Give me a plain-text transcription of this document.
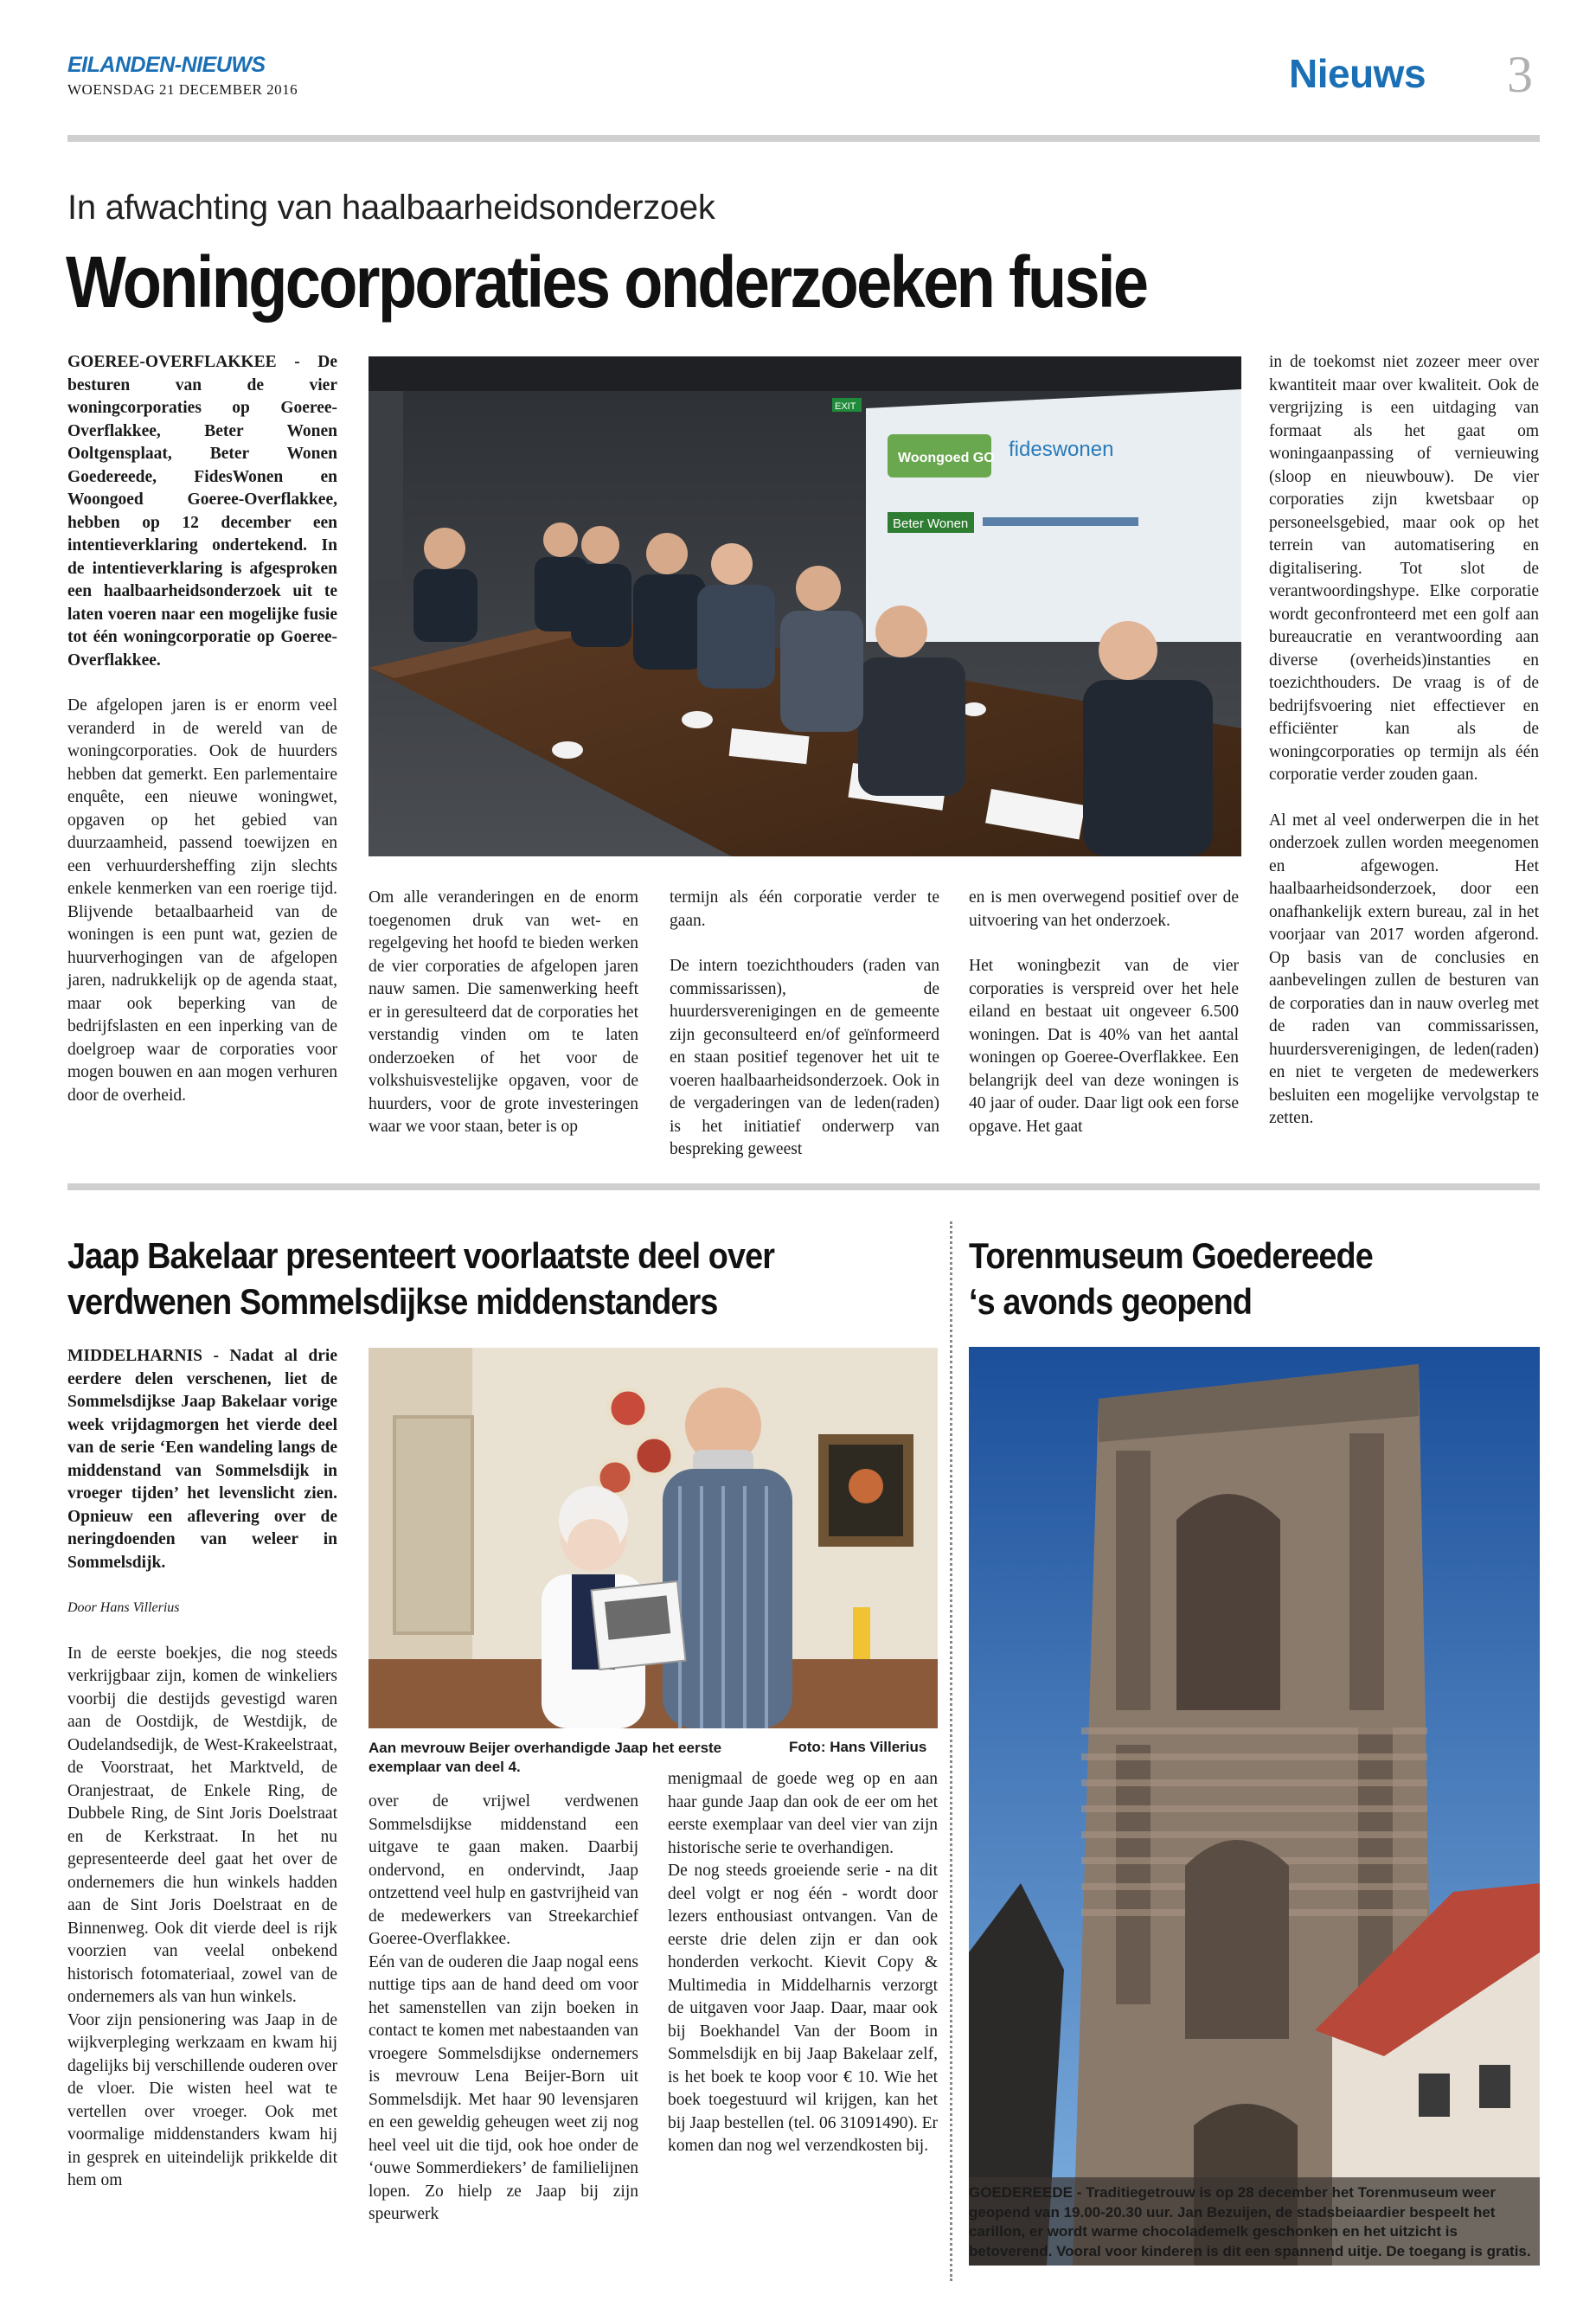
EILANDEN-NIEUWS
WOENSDAG 21 DECEMBER 2016	Nieuws 3
In afwachting van haalbaarheidsonderzoek
Woningcorporaties onderzoeken fusie

GOEREE-OVERFLAKKEE - De besturen van de vier woningcorporaties op Goeree-Overflakkee, Beter Wonen Ooltgensplaat, Beter Wonen Goedereede, FidesWonen en Woongoed Goeree-Overflakkee, hebben op 12 december een intentieverklaring ondertekend. In de intentieverklaring is afgesproken een haalbaarheidsonderzoek uit te laten voeren naar een mogelijke fusie tot één woningcorporatie op Goeree-Overflakkee.

De afgelopen jaren is er enorm veel veranderd in de wereld van de woningcorporaties. Ook de huurders hebben dat gemerkt. Een parlementaire enquête, een nieuwe woningwet, opgaven op het gebied van duurzaamheid, passend toewijzen en een verhuurdersheffing zijn slechts enkele kenmerken van een roerige tijd. Blijvende betaalbaarheid van de woningen is een punt wat, gezien de huurverhogingen van de afgelopen jaren, nadrukkelijk op de agenda staat, maar ook beperking van de bedrijfslasten en een inperking van de doelgroep waar de corporaties voor mogen bouwen en aan mogen verhuren door de overheid.

Woongoed GO fideswonen
Beter Wonen
EXIT

Om alle veranderingen en de enorm toegenomen druk van wet- en regelgeving het hoofd te bieden werken de vier corporaties de afgelopen jaren nauw samen. Die samenwerking heeft er in geresulteerd dat de corporaties het verstandig vinden om te laten onderzoeken of het voor de volkshuisvestelijke opgaven, voor de huurders, voor de grote investeringen waar we voor staan, beter is op

termijn als één corporatie verder te gaan.

De intern toezichthouders (raden van commissarissen), de huurdersverenigingen en de gemeente zijn geconsulteerd en/of geïnformeerd en staan positief tegenover het uit te voeren haalbaarheidsonderzoek. Ook in de vergaderingen van de leden(raden) is het initiatief onderwerp van bespreking geweest

en is men overwegend positief over de uitvoering van het onderzoek.

Het woningbezit van de vier corporaties is verspreid over het hele eiland en bestaat uit ongeveer 6.500 woningen. Dat is 40% van het aantal woningen op Goeree-Overflakkee. Een belangrijk deel van deze woningen is 40 jaar of ouder. Daar ligt ook een forse opgave. Het gaat

in de toekomst niet zozeer meer over kwantiteit maar over kwaliteit. Ook de vergrijzing is een uitdaging van formaat als het gaat om woningaanpassing of vernieuwing (sloop en nieuwbouw). De vier corporaties zijn kwetsbaar op personeelsgebied, maar ook op het terrein van automatisering en digitalisering. Tot slot de verantwoordingshype. Elke corporatie wordt geconfronteerd met een golf aan bureaucratie en verantwoording aan diverse (overheids)instanties en toezichthouders. De vraag is of de bedrijfsvoering niet effectiever en efficiënter kan als de woningcorporaties op termijn als één corporatie verder zouden gaan.

Al met al veel onderwerpen die in het onderzoek zullen worden meegenomen en afgewogen. Het haalbaarheidsonderzoek, door een onafhankelijk extern bureau, zal in het voorjaar van 2017 worden afgerond. Op basis van de conclusies en aanbevelingen zullen de besturen van de corporaties dan in nauw overleg met de raden van commissarissen, huurdersverenigingen, de leden(raden) en niet te vergeten de medewerkers besluiten een mogelijke vervolgstap te zetten.

Jaap Bakelaar presenteert voorlaatste deel over
verdwenen Sommelsdijkse middenstanders

MIDDELHARNIS - Nadat al drie eerdere delen verschenen, liet de Sommelsdijkse Jaap Bakelaar vorige week vrijdagmorgen het vierde deel van de serie ‘Een wandeling langs de middenstand van Sommelsdijk in vroeger tijden’ het levenslicht zien. Opnieuw een aflevering over de neringdoenden van weleer in Sommelsdijk.

Door Hans Villerius

In de eerste boekjes, die nog steeds verkrijgbaar zijn, komen de winkeliers voorbij die destijds gevestigd waren aan de Oostdijk, de Westdijk, de Oudelandsedijk, de West-Krakeelstraat, de Voorstraat, het Marktveld, de Oranjestraat, de Enkele Ring, de Dubbele Ring, de Sint Joris Doelstraat en de Kerkstraat. In het nu gepresenteerde deel gaat het over de ondernemers die hun winkels hadden aan de Sint Joris Doelstraat en de Binnenweg. Ook dit vierde deel is rijk voorzien van veelal onbekend historisch fotomateriaal, zowel van de ondernemers als van hun winkels.

Voor zijn pensionering was Jaap in de wijkverpleging werkzaam en kwam hij dagelijks bij verschillende ouderen over de vloer. Die wisten heel wat te vertellen over vroeger. Ook met voormalige middenstanders kwam hij in gesprek en uiteindelijk prikkelde dit hem om

Aan mevrouw Beijer overhandigde Jaap het eerste exemplaar van deel 4.
Foto: Hans Villerius

over de vrijwel verdwenen Sommelsdijkse middenstand een uitgave te gaan maken. Daarbij ondervond, en ondervindt, Jaap ontzettend veel hulp en gastvrijheid van de medewerkers van Streekarchief Goeree-Overflakkee.

Eén van de ouderen die Jaap nogal eens nuttige tips aan de hand deed om voor het samenstellen van zijn boeken in contact te komen met nabestaanden van vroegere Sommelsdijkse ondernemers is mevrouw Lena Beijer-Born uit Sommelsdijk. Met haar 90 levensjaren en een geweldig geheugen weet zij nog heel veel uit die tijd, ook hoe onder de ‘ouwe Sommerdiekers’ de familielijnen lopen. Zo hielp ze Jaap bij zijn speurwerk

menigmaal de goede weg op en aan haar gunde Jaap dan ook de eer om het eerste exemplaar van deel vier van zijn historische serie te overhandigen.

De nog steeds groeiende serie - na dit deel volgt er nog één - wordt door lezers enthousiast ontvangen. Van de eerste drie delen zijn er dan ook honderden verkocht. Kievit Copy & Multimedia in Middelharnis verzorgt de uitgaven voor Jaap. Daar, maar ook bij Boekhandel Van der Boom in Sommelsdijk en bij Jaap Bakelaar zelf, is het boek te koop voor € 10. Wie het boek toegestuurd wil krijgen, kan het bij Jaap bestellen (tel. 06 31091490). Er komen dan nog wel verzendkosten bij.

Torenmuseum Goedereede
‘s avonds geopend
GOEDEREEDE - Traditiegetrouw is op 28 december het Torenmuseum weer geopend van 19.00-20.30 uur. Jan Bezuijen, de stadsbeiaardier bespeelt het carillon, er wordt warme chocolademelk geschonken en het uitzicht is betoverend. Vooral voor kinderen is dit een spannend uitje. De toegang is gratis.
